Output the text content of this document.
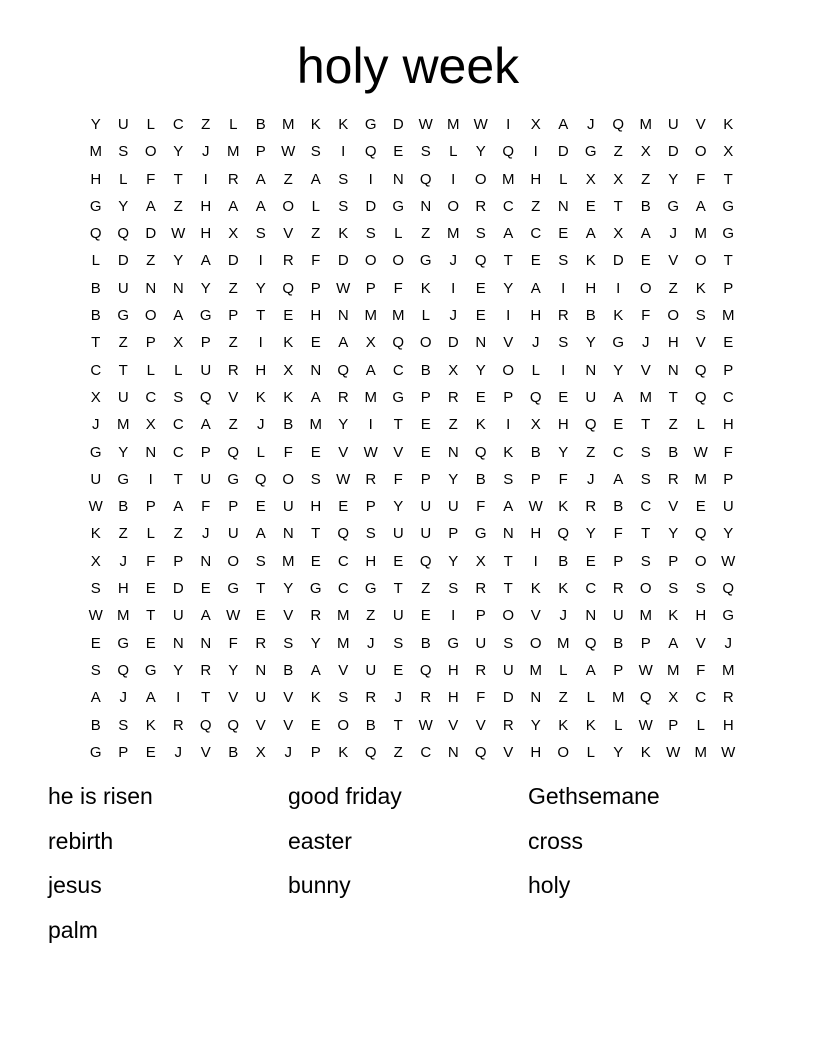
holy week
Y	U	L	C	Z	L	B	M	K	K	G	D W M W	I	X	A	J	Q	M	U	V	K
M	S	O	Y	J	M	P	W	S	I	Q	E	S	L	Y	Q	I	D	G	Z	X	D	O	X
H	L	F	T	I	R	A	Z	A	S	I	N	Q	I	O	M	H	L	X	X	Z	Y	F	T
G	Y	A	Z	H	A	A	O	L	S	D	G	N	O	R	C	Z	N	E	T	B	G	A	G
Q	Q	D W	H	X	S	V	Z	K	S	L	Z	M	S	A	C	E	A	X	A	J	M	G
L	D	Z	Y	A	D	I	R	F	D	O	O	G	J	Q	T	E	S	K	D	E	V	O	T
B	U	N	N	Y	Z	Y	Q	P	W	P	F	K	I	E	Y	A	I	H	I	O	Z	K	P
B	G	O	A	G	P	T	E	H	N	M	M	L	J	E	I	H	R	B	K	F	O	S	M
T	Z	P	X	P	Z	I	K	E	A	X	Q	O	D	N	V	J	S	Y	G	J	H	V	E
C	T	L	L	U	R	H	X	N	Q	A	C	B	X	Y	O	L	I	N	Y	V	N	Q	P
X	U	C	S	Q	V	K	K	A	R	M	G	P	R	E	P	Q	E	U	A	M	T	Q	C
J	M	X	C	A	Z	J	B	M	Y	I	T	E	Z	K	I	X	H	Q	E	T	Z	L	H
G	Y	N	C	P	Q	L	F	E	V	W	V	E	N	Q	K	B	Y	Z	C	S	B	W	F
U	G	I	T	U	G	Q	O	S	W	R	F	P	Y	B	S	P	F	J	A	S	R	M	P
W	B	P	A	F	P	E	U	H	E	P	Y	U	U	F	A	W	K	R	B	C	V	E	U
K	Z	L	Z	J	U	A	N	T	Q	S	U	U	P	G	N	H	Q	Y	F	T	Y	Q	Y
X	J	F	P	N	O	S	M	E	C	H	E	Q	Y	X	T	I	B	E	P	S	P	O W
S	H	E	D	E	G	T	Y	G	C	G	T	Z	S	R	T	K	K	C	R	O	S	S	Q
W M	T	U	A	W	E	V	R	M	Z	U	E	I	P	O	V	J	N	U	M	K	H	G
E	G	E	N	N	F	R	S	Y	M	J	S	B	G	U	S	O	M	Q	B	P	A	V	J
S	Q	G	Y	R	Y	N	B	A	V	U	E	Q	H	R	U	M	L	A	P	W M	F	M
A	J	A	I	T	V	U	V	K	S	R	J	R	H	F	D	N	Z	L	M	Q	X	C	R
B	S	K	R	Q	Q	V	V	E	O	B	T	W	V	V	R	Y	K	K	L	W	P	L	H
G	P	E	J	V	B	X	J	P	K	Q	Z	C	N	Q	V	H	O	L	Y	K	W M W
he is risen	good friday	Gethsemane
rebirth	easter	cross
jesus	bunny	holy
palm
